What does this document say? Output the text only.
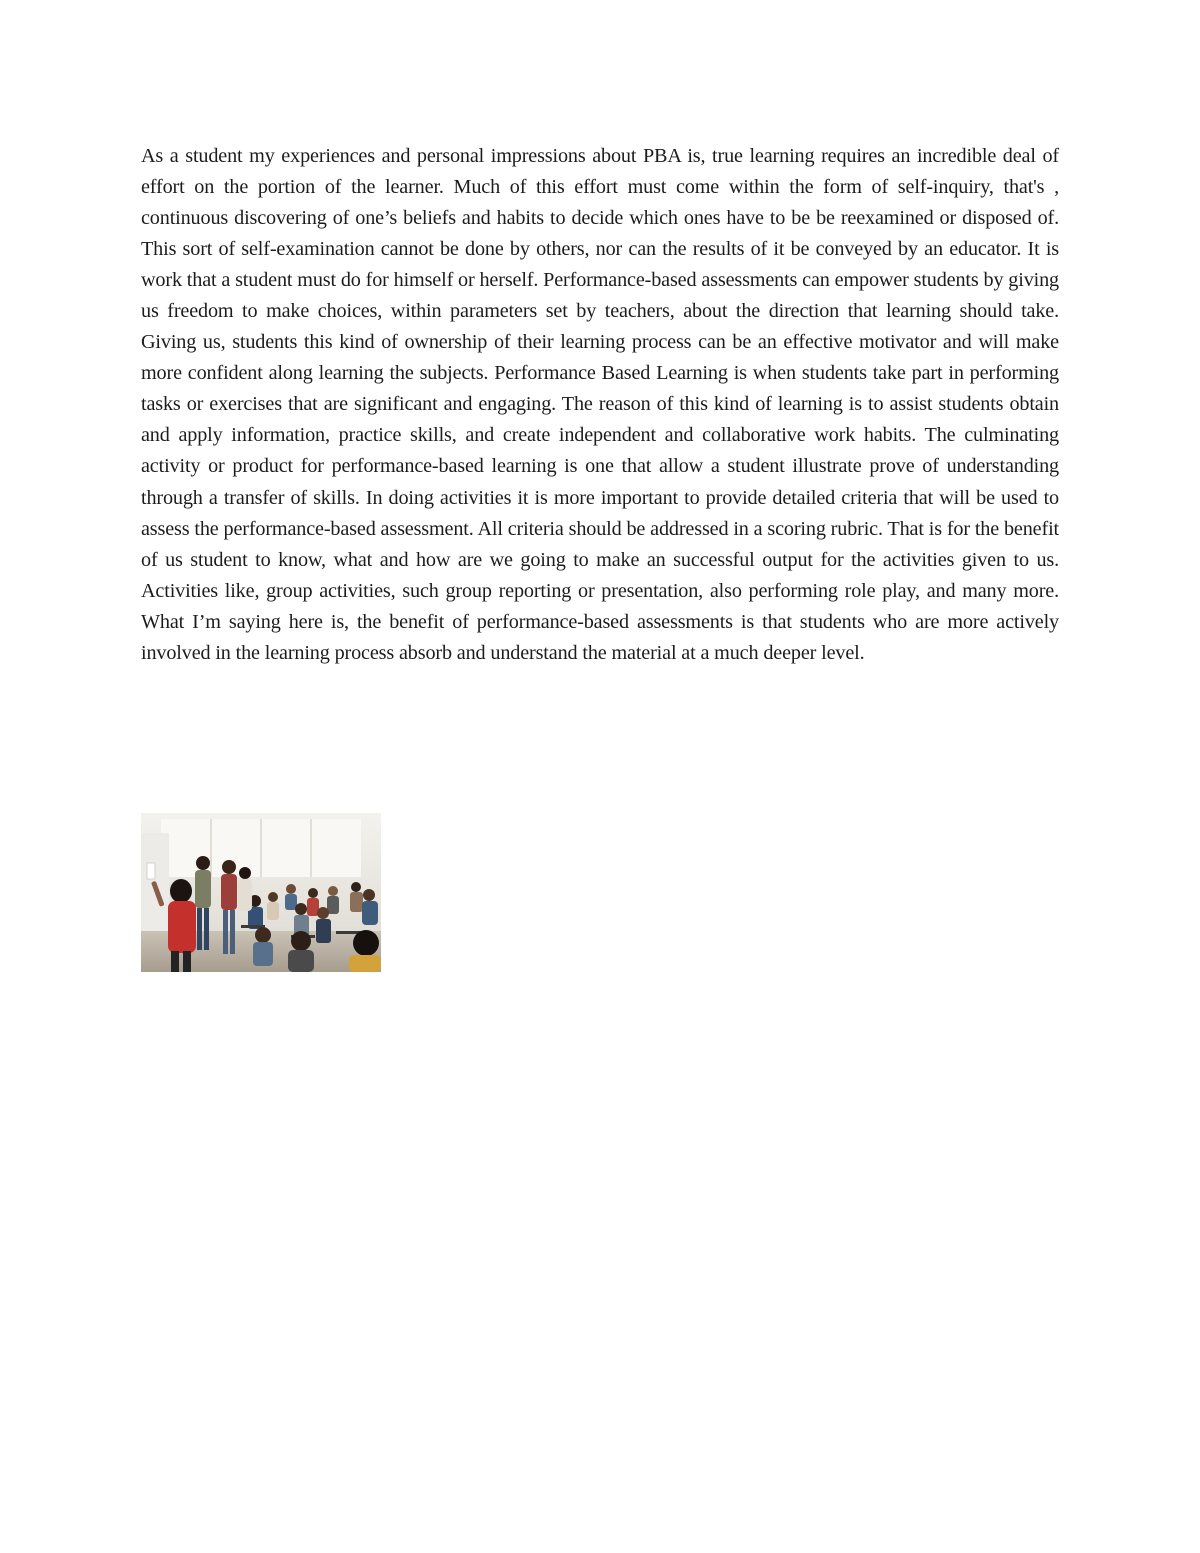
As a student my experiences and personal impressions about PBA is, true learning requires an incredible deal of effort on the portion of the learner. Much of this effort must come within the form of self-inquiry, that's , continuous discovering of one’s beliefs and habits to decide which ones have to be be reexamined or disposed of. This sort of self-examination cannot be done by others, nor can the results of it be conveyed by an educator. It is work that a student must do for himself or herself. Performance-based assessments can empower students by giving us freedom to make choices, within parameters set by teachers, about the direction that learning should take. Giving us, students this kind of ownership of their learning process can be an effective motivator and will make more confident along learning the subjects. Performance Based Learning is when students take part in performing tasks or exercises that are significant and engaging. The reason of this kind of learning is to assist students obtain and apply information, practice skills, and create independent and collaborative work habits. The culminating activity or product for performance-based learning is one that allow a student illustrate prove of understanding through a transfer of skills. In doing activities it is more important to provide detailed criteria that will be used to assess the performance-based assessment. All criteria should be addressed in a scoring rubric. That is for the benefit of us student to know, what and how are we going to make an successful output for the activities given to us. Activities like, group activities, such group reporting or presentation, also performing role play, and many more. What I’m saying here is, the benefit of performance-based assessments is that students who are more actively involved in the learning process absorb and understand the material at a much deeper level.
